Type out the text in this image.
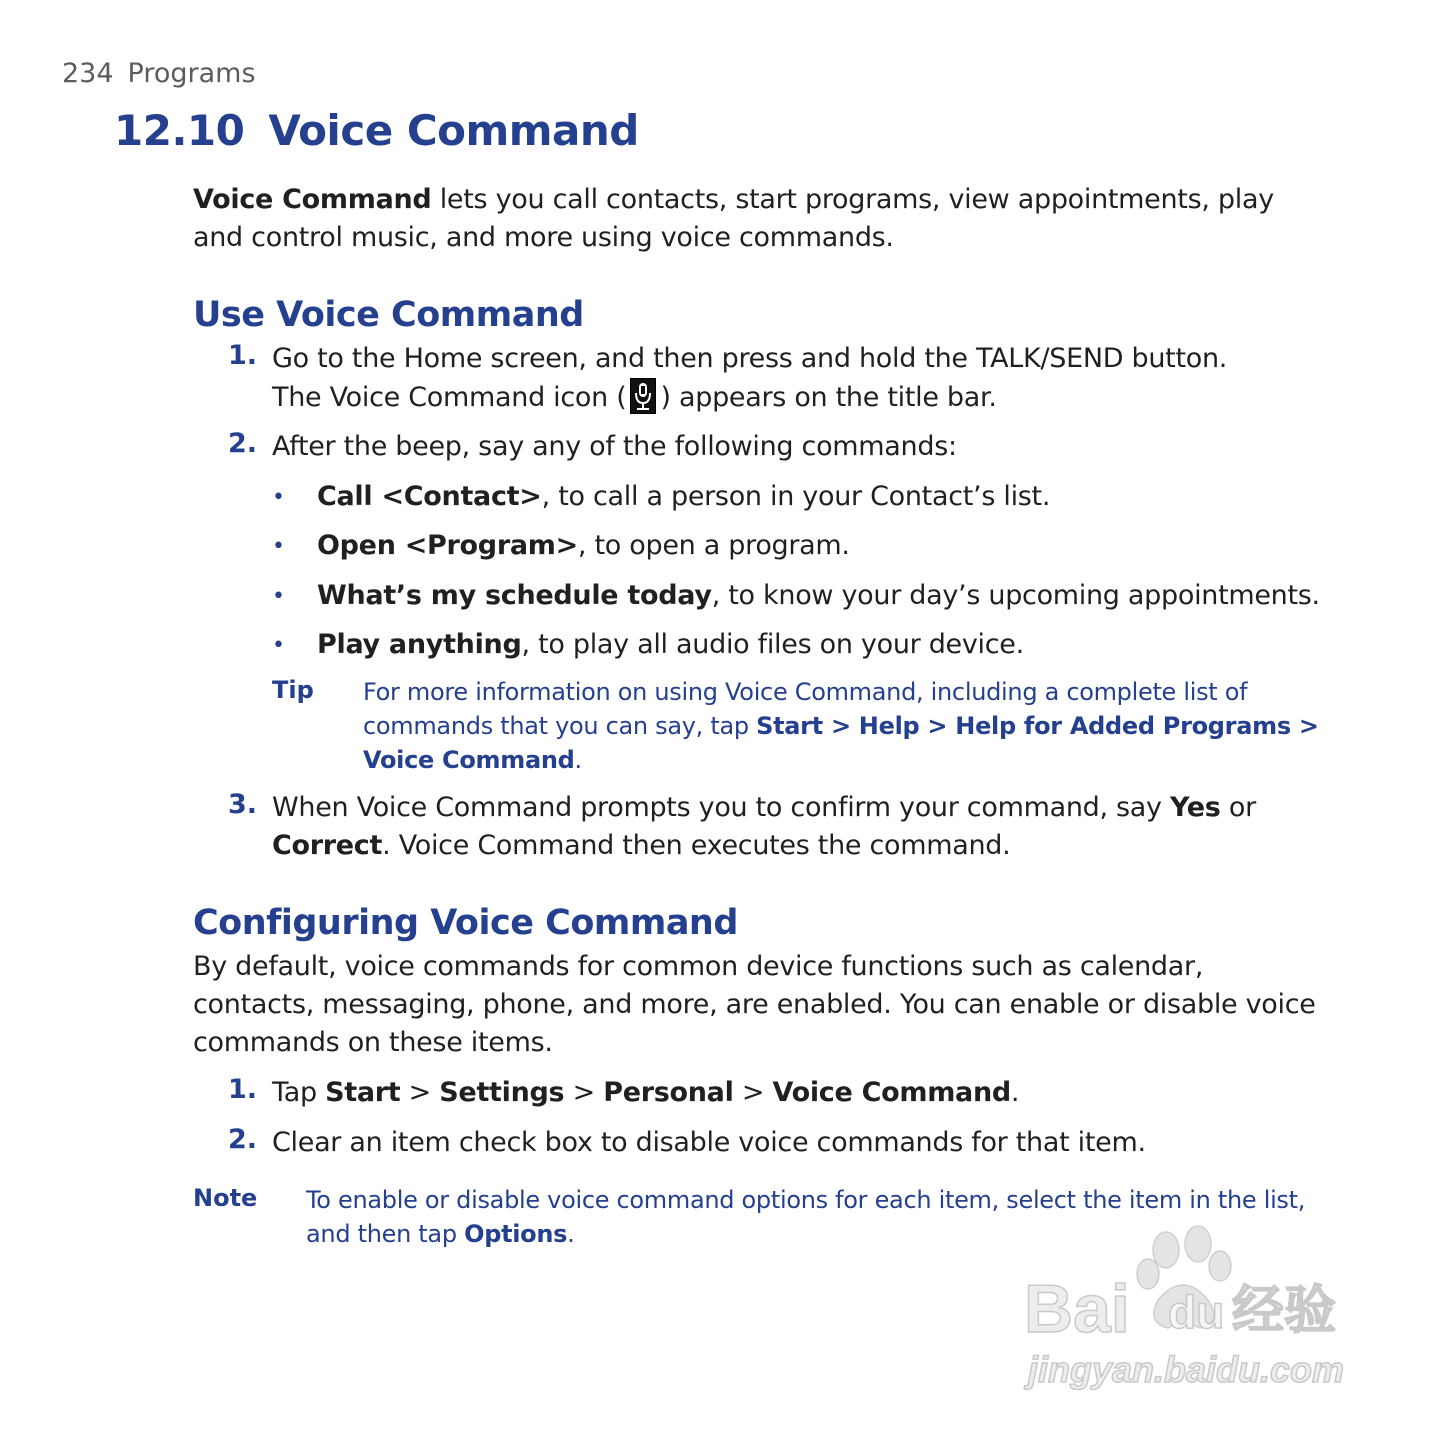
234 Programs
12.10 Voice Command
Voice Command lets you call contacts, start programs, view appointments, play
and control music, and more using voice commands.
Use Voice Command
1. Go to the Home screen, and then press and hold the TALK/SEND button.
The Voice Command icon ( ) appears on the title bar.
2. After the beep, say any of the following commands:
• Call <Contact>, to call a person in your Contact’s list.
• Open <Program>, to open a program.
• What’s my schedule today, to know your day’s upcoming appointments.
• Play anything, to play all audio files on your device.
Tip For more information on using Voice Command, including a complete list of
commands that you can say, tap Start > Help > Help for Added Programs >
Voice Command.
3. When Voice Command prompts you to confirm your command, say Yes or
Correct. Voice Command then executes the command.
Configuring Voice Command
By default, voice commands for common device functions such as calendar,
contacts, messaging, phone, and more, are enabled. You can enable or disable voice
commands on these items.
1. Tap Start > Settings > Personal > Voice Command.
2. Clear an item check box to disable voice commands for that item.
Note To enable or disable voice command options for each item, select the item in the list,
and then tap Options.
Bai du 经验
jingyan.baidu.com
